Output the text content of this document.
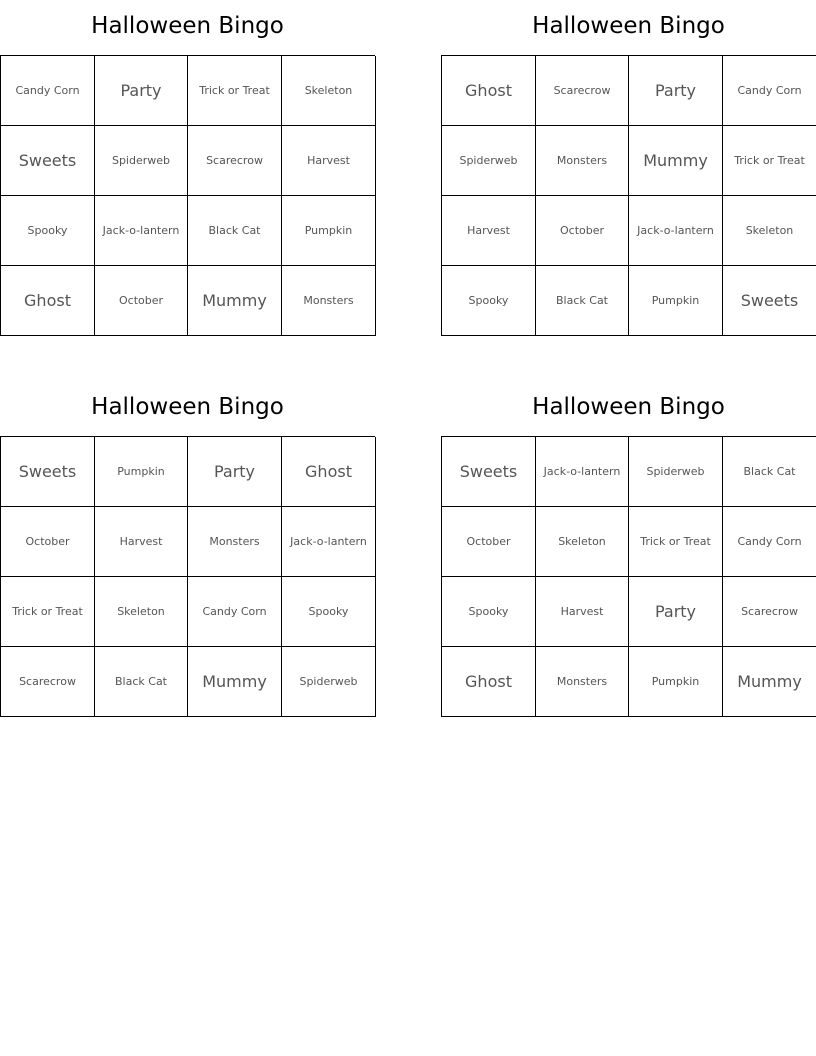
Halloween Bingo
Candy Corn	Party	Trick or Treat	Skeleton
Sweets	Spiderweb	Scarecrow	Harvest
Spooky	Jack-o-lantern	Black Cat	Pumpkin
Ghost	October	Mummy	Monsters
Halloween Bingo
Ghost	Scarecrow	Party	Candy Corn
Spiderweb	Monsters	Mummy	Trick or Treat
Harvest	October	Jack-o-lantern	Skeleton
Spooky	Black Cat	Pumpkin	Sweets
Halloween Bingo
Sweets	Pumpkin	Party	Ghost
October	Harvest	Monsters	Jack-o-lantern
Trick or Treat	Skeleton	Candy Corn	Spooky
Scarecrow	Black Cat	Mummy	Spiderweb
Halloween Bingo
Sweets	Jack-o-lantern	Spiderweb	Black Cat
October	Skeleton	Trick or Treat	Candy Corn
Spooky	Harvest	Party	Scarecrow
Ghost	Monsters	Pumpkin	Mummy
